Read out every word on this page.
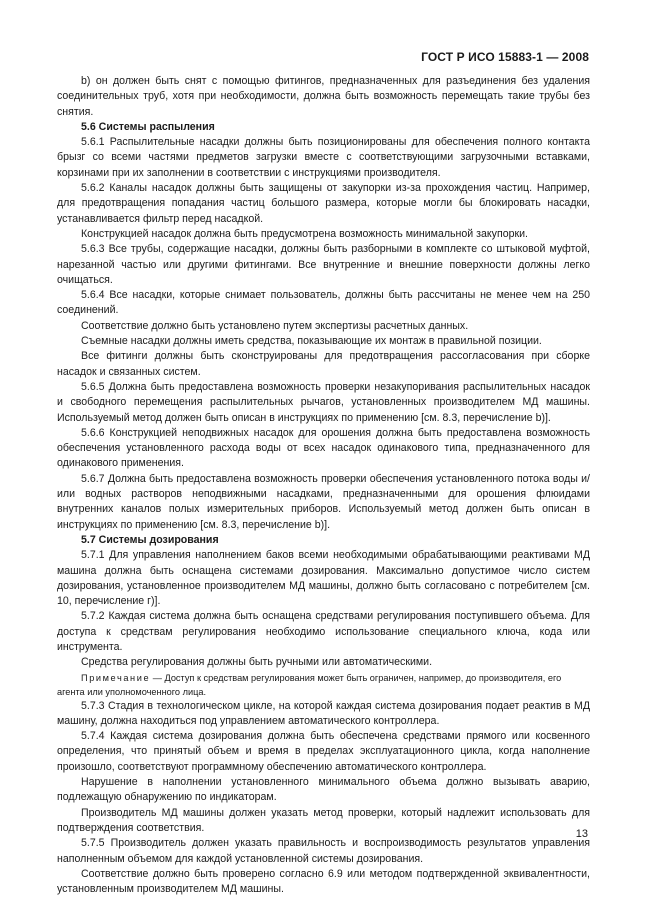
ГОСТ Р ИСО 15883-1 — 2008

b) он должен быть снят с помощью фитингов, предназначенных для разъединения без удаления соединительных труб, хотя при необходимости, должна быть возможность перемещать такие трубы без снятия.

5.6 Системы распыления

5.6.1 Распылительные насадки должны быть позиционированы для обеспечения полного контакта брызг со всеми частями предметов загрузки вместе с соответствующими загрузочными вставками, корзинами при их заполнении в соответствии с инструкциями производителя.

5.6.2 Каналы насадок должны быть защищены от закупорки из-за прохождения частиц. Например, для предотвращения попадания частиц большого размера, которые могли бы блокировать насадки, устанавливается фильтр перед насадкой.

Конструкцией насадок должна быть предусмотрена возможность минимальной закупорки.

5.6.3 Все трубы, содержащие насадки, должны быть разборными в комплекте со штыковой муфтой, нарезанной частью или другими фитингами. Все внутренние и внешние поверхности должны легко очищаться.

5.6.4 Все насадки, которые снимает пользователь, должны быть рассчитаны не менее чем на 250 соединений.

Соответствие должно быть установлено путем экспертизы расчетных данных.

Съемные насадки должны иметь средства, показывающие их монтаж в правильной позиции.

Все фитинги должны быть сконструированы для предотвращения рассогласования при сборке насадок и связанных систем.

5.6.5 Должна быть предоставлена возможность проверки незакупоривания распылительных насадок и свободного перемещения распылительных рычагов, установленных производителем МД машины. Используемый метод должен быть описан в инструкциях по применению [см. 8.3, перечисление b)].

5.6.6 Конструкцией неподвижных насадок для орошения должна быть предоставлена возможность обеспечения установленного расхода воды от всех насадок одинакового типа, предназначенного для одинакового применения.

5.6.7 Должна быть предоставлена возможность проверки обеспечения установленного потока воды и/или водных растворов неподвижными насадками, предназначенными для орошения флюидами внутренних каналов полых измерительных приборов. Используемый метод должен быть описан в инструкциях по применению [см. 8.3, перечисление b)].

5.7 Системы дозирования

5.7.1 Для управления наполнением баков всеми необходимыми обрабатывающими реактивами МД машина должна быть оснащена системами дозирования. Максимально допустимое число систем дозирования, установленное производителем МД машины, должно быть согласовано с потребителем [см. 10, перечисление г)].

5.7.2 Каждая система должна быть оснащена средствами регулирования поступившего объема. Для доступа к средствам регулирования необходимо использование специального ключа, кода или инструмента.

Средства регулирования должны быть ручными или автоматическими.

Примечание — Доступ к средствам регулирования может быть ограничен, например, до производителя, его агента или уполномоченного лица.

5.7.3 Стадия в технологическом цикле, на которой каждая система дозирования подает реактив в МД машину, должна находиться под управлением автоматического контроллера.

5.7.4 Каждая система дозирования должна быть обеспечена средствами прямого или косвенного определения, что принятый объем и время в пределах эксплуатационного цикла, когда наполнение произошло, соответствуют программному обеспечению автоматического контроллера.

Нарушение в наполнении установленного минимального объема должно вызывать аварию, подлежащую обнаружению по индикаторам.

Производитель МД машины должен указать метод проверки, который надлежит использовать для подтверждения соответствия.

5.7.5 Производитель должен указать правильность и воспроизводимость результатов управления наполненным объемом для каждой установленной системы дозирования.

Соответствие должно быть проверено согласно 6.9 или методом подтвержденной эквивалентности, установленным производителем МД машины.

13
